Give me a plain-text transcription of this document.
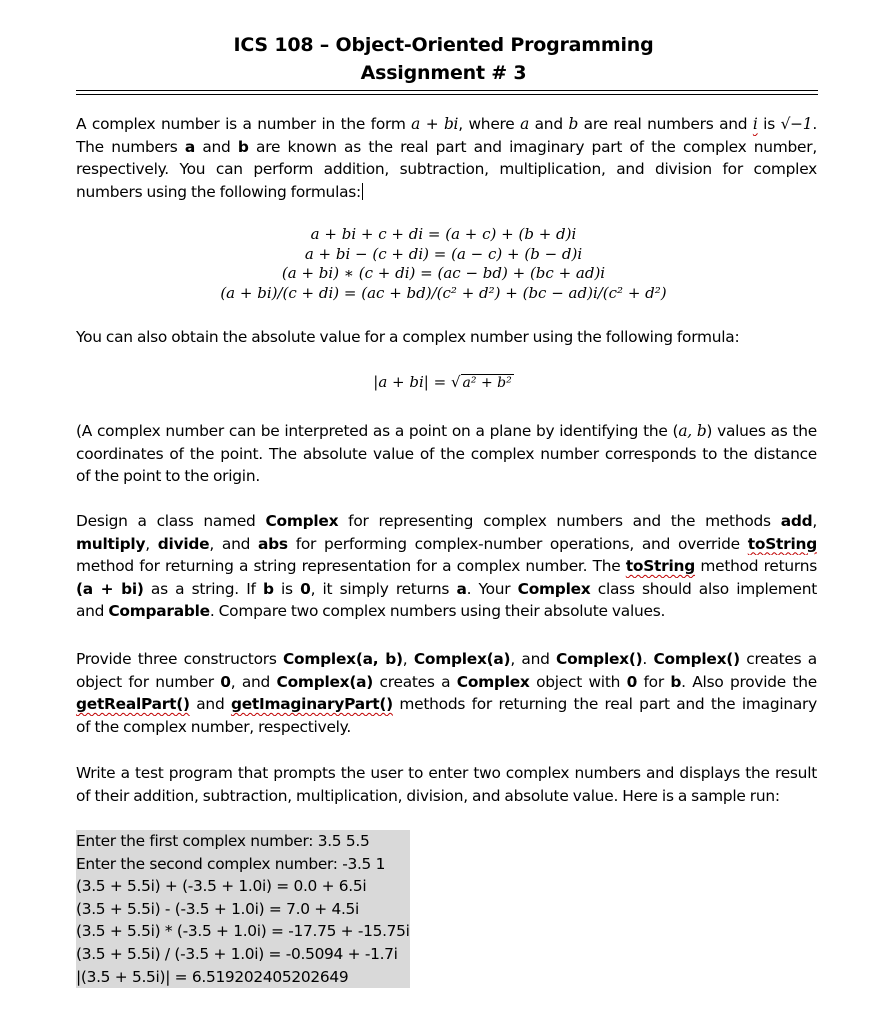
ICS 108 – Object-Oriented Programming
Assignment # 3
A complex number is a number in the form a + bi, where a and b are real numbers and i is √−1.
The numbers a and b are known as the real part and imaginary part of the complex number,
respectively. You can perform addition, subtraction, multiplication, and division for complex
numbers using the following formulas:
a + bi + c + di = (a + c) + (b + d)i
a + bi − (c + di) = (a − c) + (b − d)i
(a + bi) ∗ (c + di) = (ac − bd) + (bc + ad)i
(a + bi)/(c + di) = (ac + bd)/(c² + d²) + (bc − ad)i/(c² + d²)
You can also obtain the absolute value for a complex number using the following formula:
|a + bi| = √ a² + b²
(A complex number can be interpreted as a point on a plane by identifying the (a, b) values as the
coordinates of the point. The absolute value of the complex number corresponds to the distance
of the point to the origin.
Design a class named Complex for representing complex numbers and the methods add,
multiply, divide, and abs for performing complex-number operations, and override toString
method for returning a string representation for a complex number. The toString method returns
(a + bi) as a string. If b is 0, it simply returns a. Your Complex class should also implement
and Comparable. Compare two complex numbers using their absolute values.
Provide three constructors Complex(a, b), Complex(a), and Complex(). Complex() creates a
object for number 0, and Complex(a) creates a Complex object with 0 for b. Also provide the
getRealPart() and getImaginaryPart() methods for returning the real part and the imaginary
of the complex number, respectively.
Write a test program that prompts the user to enter two complex numbers and displays the result
of their addition, subtraction, multiplication, division, and absolute value. Here is a sample run:
Enter the first complex number: 3.5 5.5
Enter the second complex number: -3.5 1
(3.5 + 5.5i) + (-3.5 + 1.0i) = 0.0 + 6.5i
(3.5 + 5.5i) - (-3.5 + 1.0i) = 7.0 + 4.5i
(3.5 + 5.5i) * (-3.5 + 1.0i) = -17.75 + -15.75i
(3.5 + 5.5i) / (-3.5 + 1.0i) = -0.5094 + -1.7i
|(3.5 + 5.5i)| = 6.519202405202649
